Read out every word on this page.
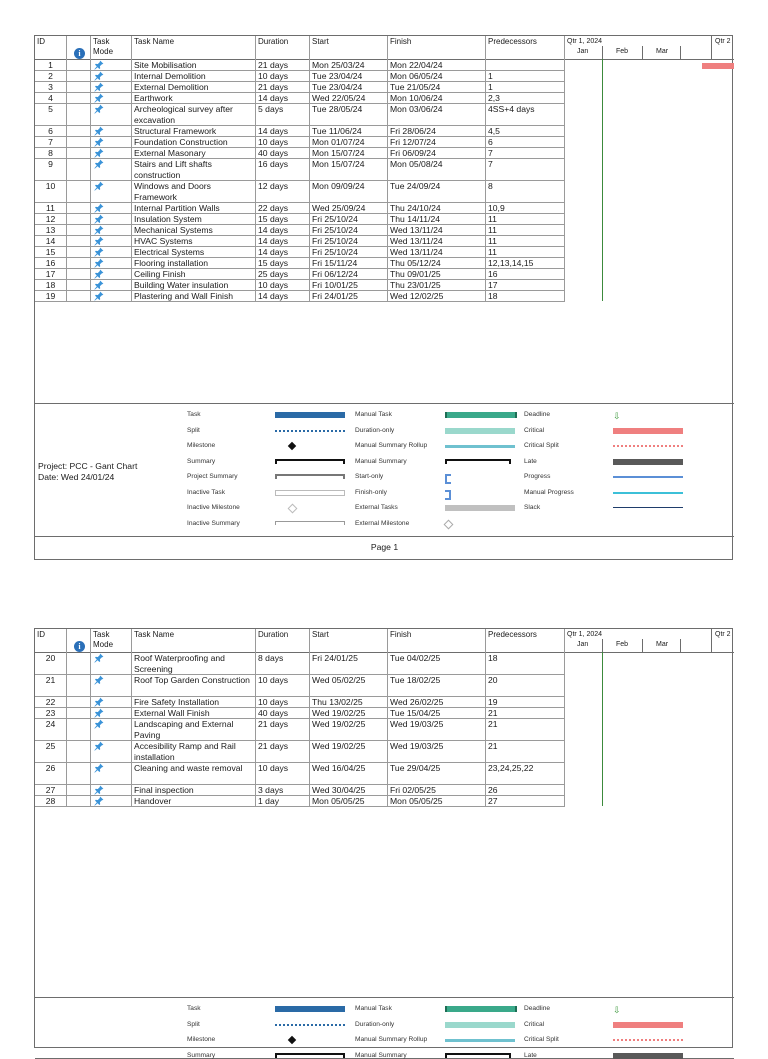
ID
i
Task Mode
Task Name	Duration	Start	Finish	Predecessors	Qtr 1, 2024	Qtr 2
Jan	Feb	Mar
Project: PCC - Gant Chart
Date: Wed 24/01/24
Task
Split
Milestone
Summary
Project Summary
Inactive Task
Inactive Milestone
Inactive Summary
Manual Task
Duration-only
Manual Summary Rollup
Manual Summary
Start-only
Finish-only
External Tasks
External Milestone
Deadline	⇩
Critical
Critical Split
Late
Progress
Manual Progress
Slack
Page 1
1	Site Mobilisation	21 days	Mon 25/03/24	Mon 22/04/24
2	Internal Demolition	10 days	Tue 23/04/24	Mon 06/05/24	1
3	External Demolition	21 days	Tue 23/04/24	Tue 21/05/24	1
4	Earthwork	14 days	Wed 22/05/24	Mon 10/06/24	2,3
5	Archeological survey after excavation
5 days	Tue 28/05/24	Mon 03/06/24	4SS+4 days
6	Structural Framework	14 days	Tue 11/06/24	Fri 28/06/24	4,5
7	Foundation Construction	10 days	Mon 01/07/24	Fri 12/07/24	6
8	External Masonary	40 days	Mon 15/07/24	Fri 06/09/24	7
9	Stairs and Lift shafts construction
16 days	Mon 15/07/24	Mon 05/08/24	7
10	Windows and Doors Framework
12 days	Mon 09/09/24	Tue 24/09/24	8
11	Internal Partition Walls	22 days	Wed 25/09/24	Thu 24/10/24	10,9
12	Insulation System	15 days	Fri 25/10/24	Thu 14/11/24	11
13	Mechanical Systems	14 days	Fri 25/10/24	Wed 13/11/24	11
14	HVAC Systems	14 days	Fri 25/10/24	Wed 13/11/24	11
15	Electrical Systems	14 days	Fri 25/10/24	Wed 13/11/24	11
16	Flooring installation	15 days	Fri 15/11/24	Thu 05/12/24	12,13,14,15
17	Ceiling Finish	25 days	Fri 06/12/24	Thu 09/01/25	16
18	Building Water insulation	10 days	Fri 10/01/25	Thu 23/01/25	17
19	Plastering and Wall Finish	14 days	Fri 24/01/25	Wed 12/02/25	18
ID
i
Task Mode
Task Name	Duration	Start	Finish	Predecessors	Qtr 1, 2024	Qtr 2
Jan	Feb	Mar
Task
Split
Milestone
Summary
Manual Task
Duration-only
Manual Summary Rollup
Manual Summary
Deadline	⇩
Critical
Critical Split
Late
20	Roof Waterproofing and Screening
8 days	Fri 24/01/25	Tue 04/02/25	18
21	Roof Top Garden Construction 10 days	Wed 05/02/25	Tue 18/02/25	20
22	Fire Safety Installation	10 days	Thu 13/02/25	Wed 26/02/25	19
23	External Wall Finish	40 days	Wed 19/02/25	Tue 15/04/25	21
24	Landscaping and External Paving
21 days	Wed 19/02/25	Wed 19/03/25	21
25	Accesibility Ramp and Rail installation
21 days	Wed 19/02/25	Wed 19/03/25	21
26	Cleaning and waste removal	10 days	Wed 16/04/25	Tue 29/04/25	23,24,25,22
27	Final inspection	3 days	Wed 30/04/25	Fri 02/05/25	26
28	Handover	1 day	Mon 05/05/25	Mon 05/05/25	27
